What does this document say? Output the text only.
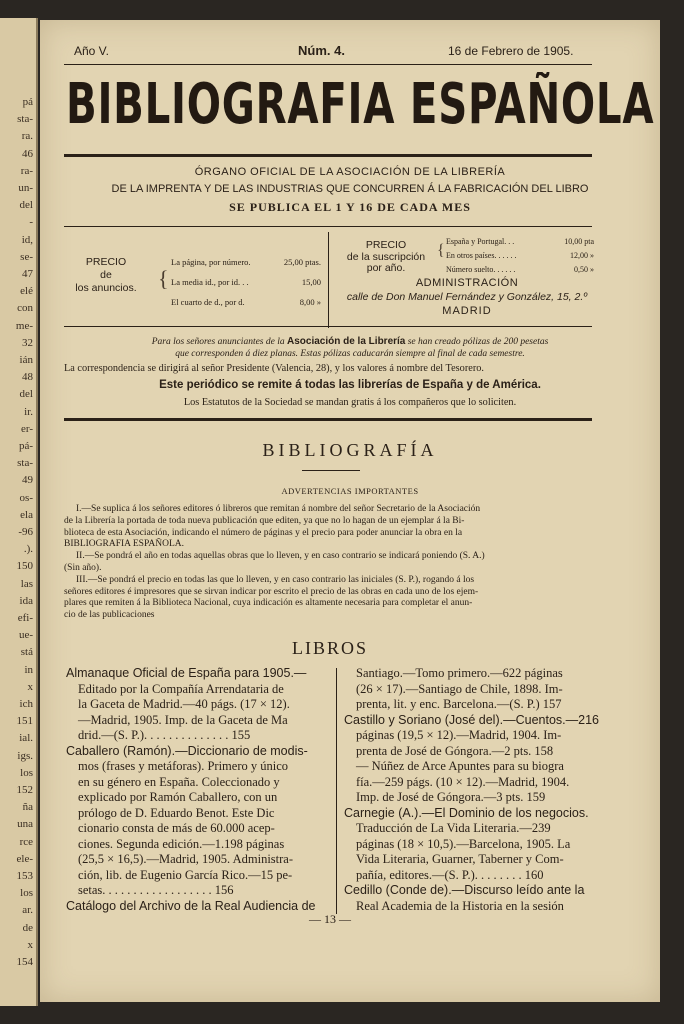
pá
sta-
ra.
46
ra-
un-
del
-
id,
se-
47
elé
con
me-
32
ián
48
del
ir.
er-
pá-
sta-
49
os-
ela
-96
.).
150
las
ida
efi-
ue-
stá
in
x
ich
151
ial.
igs.
los
152
ña
una
rce
ele-
153
los
ar.
de
x
154
Año V.	Núm. 4.	16 de Febrero de 1905.
BIBLIOGRAFIA ESPAÑOLA
ÓRGANO OFICIAL DE LA ASOCIACIÓN DE LA LIBRERÍA
DE LA IMPRENTA Y DE LAS INDUSTRIAS QUE CONCURREN Á LA FABRICACIÓN DEL LIBRO
SE PUBLICA EL 1 Y 16 DE CADA MES
PRECIO
de
los anuncios. {
La página, por número.	25,00 ptas.
La media id., por id. . .	15,00
El cuarto de d., por d.	8,00 »
PRECIO
de la suscripción
por año.
{
España y Portugal. . .	10,00 pta
En otros países. . . . . .	12,00 »
Número suelto. . . . . .	0,50 »
ADMINISTRACIÓN
calle de Don Manuel Fernández y González, 15, 2.º
MADRID
Para los señores anunciantes de la Asociación de la Librería se han creado pólizas de 200 pesetas
que corresponden á diez planas. Estas pólizas caducarán siempre al final de cada semestre.
La correspondencia se dirigirá al señor Presidente (Valencia, 28), y los valores á nombre del Tesorero.
Este periódico se remite á todas las librerías de España y de América.
Los Estatutos de la Sociedad se mandan gratis á los compañeros que lo soliciten.
BIBLIOGRAFÍA
ADVERTENCIAS IMPORTANTES
I.—Se suplica á los señores editores ó libreros que remitan á nombre del señor Secretario de la Asociación
de la Librería la portada de toda nueva publicación que editen, ya que no lo hagan de un ejemplar á la Bi-
blioteca de esta Asociación, indicando el número de páginas y el precio para poder anunciar la obra en la
BIBLIOGRAFIA ESPAÑOLA.
II.—Se pondrá el año en todas aquellas obras que lo lleven, y en caso contrario se indicará poniendo (S. A.)
(Sin año).
III.—Se pondrá el precio en todas las que lo lleven, y en caso contrario las iniciales (S. P.), rogando á los
señores editores é impresores que se sirvan indicar por escrito el precio de las obras en cada uno de los ejem-
plares que remiten á la Biblioteca Nacional, cuya indicación es altamente necesaria para completar el anun-
cio de las publicaciones
LIBROS
Almanaque Oficial de España para 1905.—
Editado por la Compañía Arrendataria de
la Gaceta de Madrid.—40 págs. (17 × 12).
—Madrid, 1905. Imp. de la Gaceta de Ma
drid.—(S. P.). . . . . . . . . . . . . . 155
Caballero (Ramón).—Diccionario de modis-
mos (frases y metáforas). Primero y único
en su género en España. Coleccionado y
explicado por Ramón Caballero, con un
prólogo de D. Eduardo Benot. Este Dic
cionario consta de más de 60.000 acep-
ciones. Segunda edición.—1.198 páginas
(25,5 × 16,5).—Madrid, 1905. Administra-
ción, lib. de Eugenio García Rico.—15 pe-
setas. . . . . . . . . . . . . . . . . . 156
Catálogo del Archivo de la Real Audiencia de
Santiago.—Tomo primero.—622 páginas
(26 × 17).—Santiago de Chile, 1898. Im-
prenta, lit. y enc. Barcelona.—(S. P.) 157
Castillo y Soriano (José del).—Cuentos.—216
páginas (19,5 × 12).—Madrid, 1904. Im-
prenta de José de Góngora.—2 pts. 158
— Núñez de Arce Apuntes para su biogra
fía.—259 págs. (10 × 12).—Madrid, 1904.
Imp. de José de Góngora.—3 pts. 159
Carnegie (A.).—El Dominio de los negocios.
Traducción de La Vida Literaria.—239
páginas (18 × 10,5).—Barcelona, 1905. La
Vida Literaria, Guarner, Taberner y Com-
pañía, editores.—(S. P.). . . . . . . . 160
Cedillo (Conde de).—Discurso leído ante la
Real Academia de la Historia en la sesión
— 13 —
